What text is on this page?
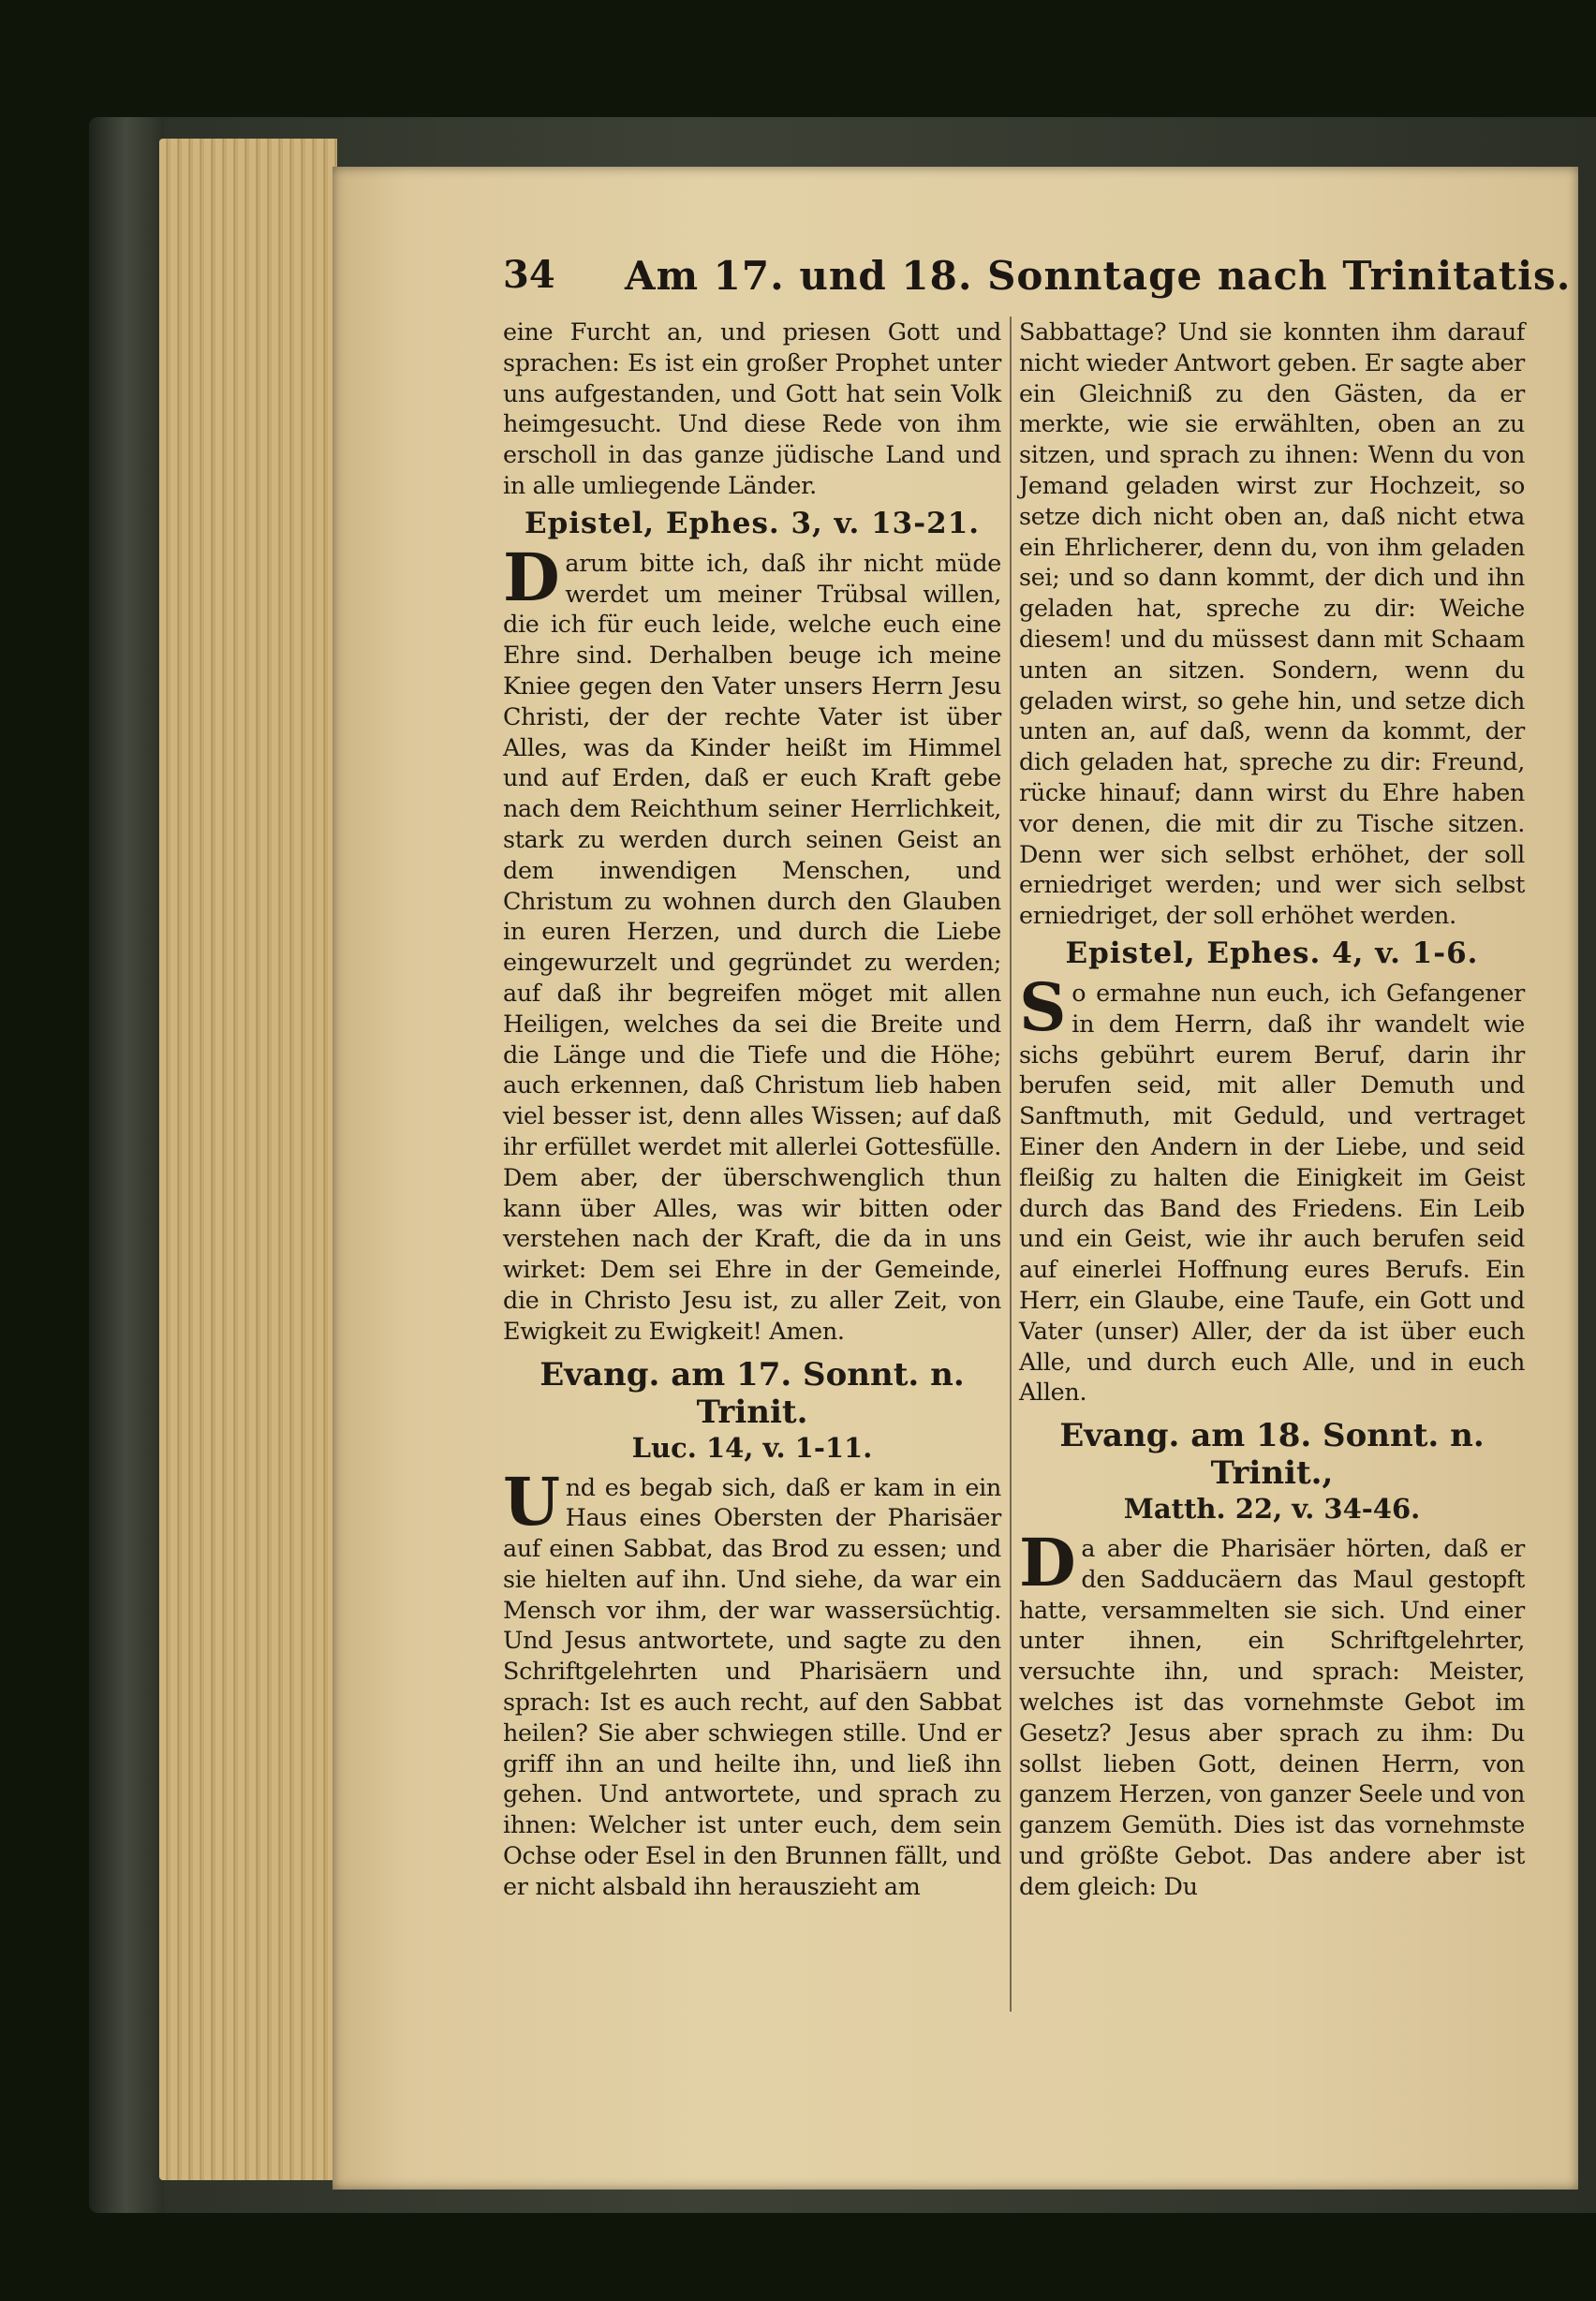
34 Am 17. und 18. Sonntage nach Trinitatis.

eine Furcht an, und priesen Gott und sprachen: Es ist ein großer Prophet unter uns aufgestanden, und Gott hat sein Volk heimgesucht. Und diese Rede von ihm erscholl in das ganze jüdische Land und in alle umliegende Länder.

Epistel, Ephes. 3, v. 13-21.

Darum bitte ich, daß ihr nicht müde werdet um meiner Trübsal willen, die ich für euch leide, welche euch eine Ehre sind. Derhalben beuge ich meine Kniee gegen den Vater unsers Herrn Jesu Christi, der der rechte Vater ist über Alles, was da Kinder heißt im Himmel und auf Erden, daß er euch Kraft gebe nach dem Reichthum seiner Herrlichkeit, stark zu werden durch seinen Geist an dem inwendigen Menschen, und Christum zu wohnen durch den Glauben in euren Herzen, und durch die Liebe eingewurzelt und gegründet zu werden; auf daß ihr begreifen möget mit allen Heiligen, welches da sei die Breite und die Länge und die Tiefe und die Höhe; auch erkennen, daß Christum lieb haben viel besser ist, denn alles Wissen; auf daß ihr erfüllet werdet mit allerlei Gottesfülle. Dem aber, der überschwenglich thun kann über Alles, was wir bitten oder verstehen nach der Kraft, die da in uns wirket: Dem sei Ehre in der Gemeinde, die in Christo Jesu ist, zu aller Zeit, von Ewigkeit zu Ewigkeit! Amen.

Evang. am 17. Sonnt. n. Trinit.

Luc. 14, v. 1-11.

Und es begab sich, daß er kam in ein Haus eines Obersten der Pharisäer auf einen Sabbat, das Brod zu essen; und sie hielten auf ihn. Und siehe, da war ein Mensch vor ihm, der war wassersüchtig. Und Jesus antwortete, und sagte zu den Schriftgelehrten und Pharisäern und sprach: Ist es auch recht, auf den Sabbat heilen? Sie aber schwiegen stille. Und er griff ihn an und heilte ihn, und ließ ihn gehen. Und antwortete, und sprach zu ihnen: Welcher ist unter euch, dem sein Ochse oder Esel in den Brunnen fällt, und er nicht alsbald ihn herauszieht am

Sabbattage? Und sie konnten ihm darauf nicht wieder Antwort geben. Er sagte aber ein Gleichniß zu den Gästen, da er merkte, wie sie erwählten, oben an zu sitzen, und sprach zu ihnen: Wenn du von Jemand geladen wirst zur Hochzeit, so setze dich nicht oben an, daß nicht etwa ein Ehrlicherer, denn du, von ihm geladen sei; und so dann kommt, der dich und ihn geladen hat, spreche zu dir: Weiche diesem! und du müssest dann mit Schaam unten an sitzen. Sondern, wenn du geladen wirst, so gehe hin, und setze dich unten an, auf daß, wenn da kommt, der dich geladen hat, spreche zu dir: Freund, rücke hinauf; dann wirst du Ehre haben vor denen, die mit dir zu Tische sitzen. Denn wer sich selbst erhöhet, der soll erniedriget werden; und wer sich selbst erniedriget, der soll erhöhet werden.

Epistel, Ephes. 4, v. 1-6.

So ermahne nun euch, ich Gefangener in dem Herrn, daß ihr wandelt wie sichs gebührt eurem Beruf, darin ihr berufen seid, mit aller Demuth und Sanftmuth, mit Geduld, und vertraget Einer den Andern in der Liebe, und seid fleißig zu halten die Einigkeit im Geist durch das Band des Friedens. Ein Leib und ein Geist, wie ihr auch berufen seid auf einerlei Hoffnung eures Berufs. Ein Herr, ein Glaube, eine Taufe, ein Gott und Vater (unser) Aller, der da ist über euch Alle, und durch euch Alle, und in euch Allen.

Evang. am 18. Sonnt. n. Trinit.,

Matth. 22, v. 34-46.

Da aber die Pharisäer hörten, daß er den Sadducäern das Maul gestopft hatte, versammelten sie sich. Und einer unter ihnen, ein Schriftgelehrter, versuchte ihn, und sprach: Meister, welches ist das vornehmste Gebot im Gesetz? Jesus aber sprach zu ihm: Du sollst lieben Gott, deinen Herrn, von ganzem Herzen, von ganzer Seele und von ganzem Gemüth. Dies ist das vornehmste und größte Gebot. Das andere aber ist dem gleich: Du
